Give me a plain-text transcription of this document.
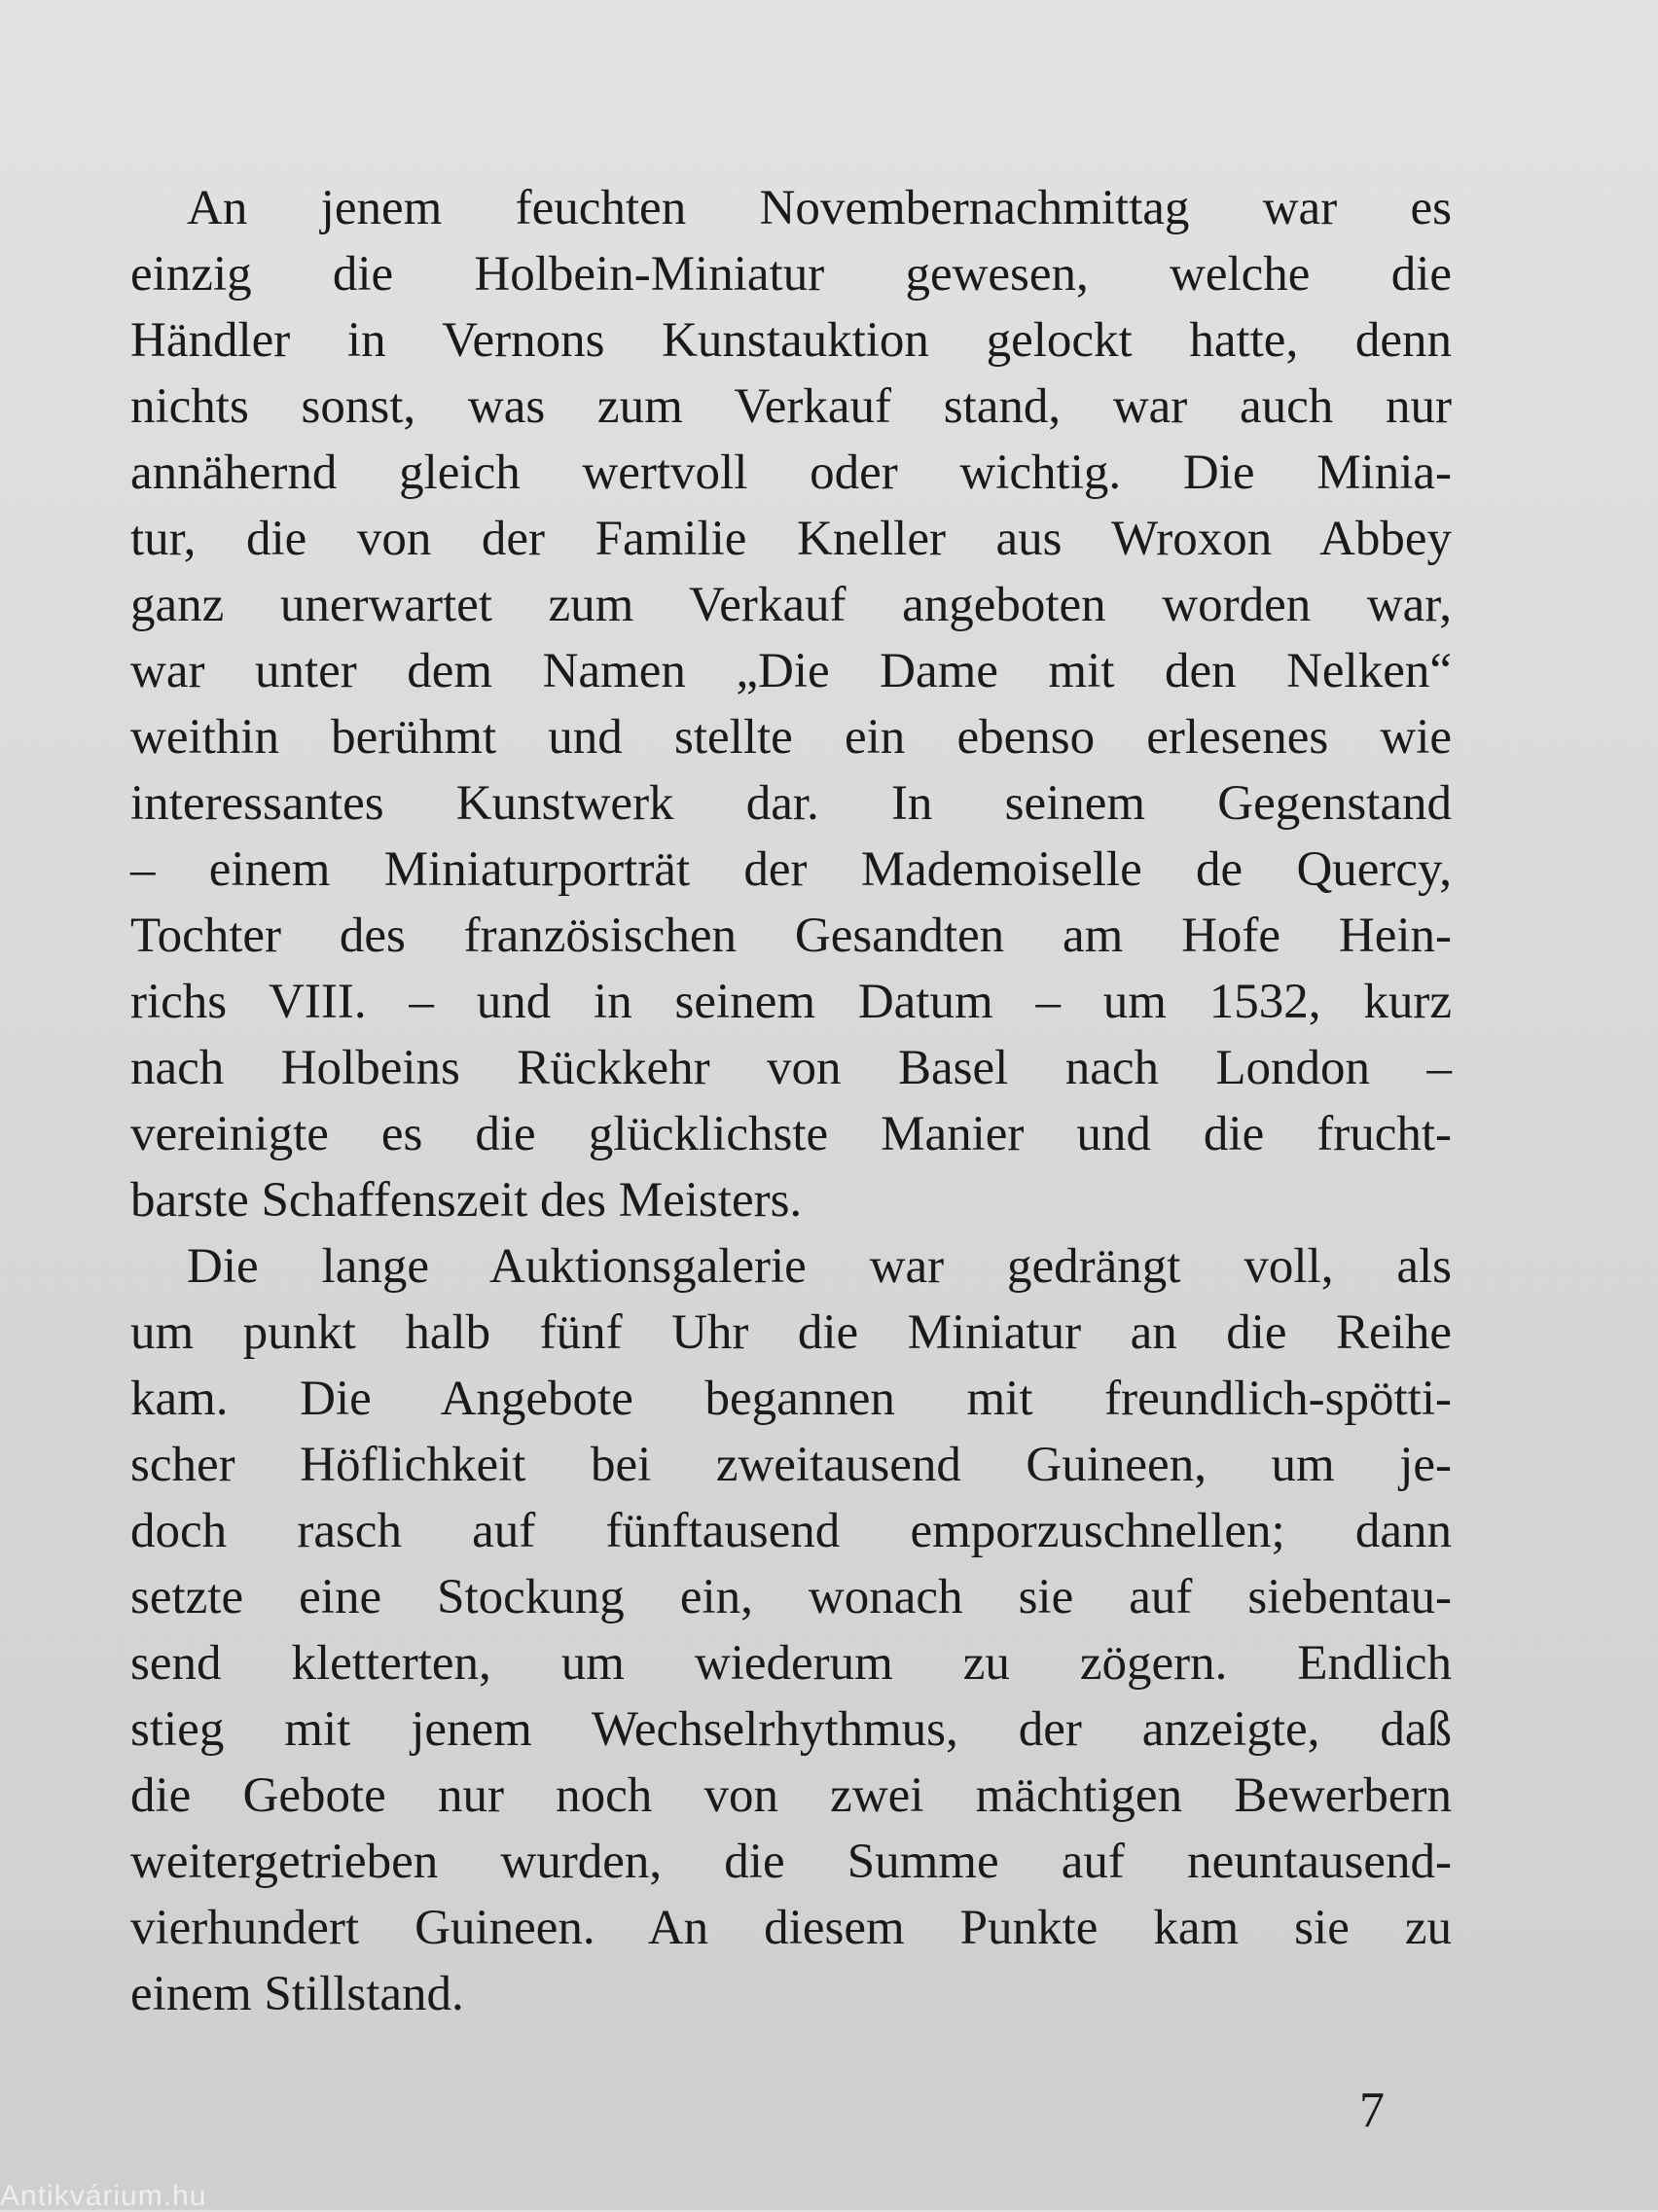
An jenem feuchten Novembernachmittag war es
einzig die Holbein-Miniatur gewesen, welche die
Händler in Vernons Kunstauktion gelockt hatte, denn
nichts sonst, was zum Verkauf stand, war auch nur
annähernd gleich wertvoll oder wichtig. Die Minia-
tur, die von der Familie Kneller aus Wroxon Abbey
ganz unerwartet zum Verkauf angeboten worden war,
war unter dem Namen „Die Dame mit den Nelken“
weithin berühmt und stellte ein ebenso erlesenes wie
interessantes Kunstwerk dar. In seinem Gegenstand
– einem Miniaturporträt der Mademoiselle de Quercy,
Tochter des französischen Gesandten am Hofe Hein-
richs VIII. – und in seinem Datum – um 1532, kurz
nach Holbeins Rückkehr von Basel nach London –
vereinigte es die glücklichste Manier und die frucht-
barste Schaffenszeit des Meisters.
Die lange Auktionsgalerie war gedrängt voll, als
um punkt halb fünf Uhr die Miniatur an die Reihe
kam. Die Angebote begannen mit freundlich-spötti-
scher Höflichkeit bei zweitausend Guineen, um je-
doch rasch auf fünftausend emporzuschnellen; dann
setzte eine Stockung ein, wonach sie auf siebentau-
send kletterten, um wiederum zu zögern. Endlich
stieg mit jenem Wechselrhythmus, der anzeigte, daß
die Gebote nur noch von zwei mächtigen Bewerbern
weitergetrieben wurden, die Summe auf neuntausend-
vierhundert Guineen. An diesem Punkte kam sie zu
einem Stillstand.
7
Antikvárium.hu
